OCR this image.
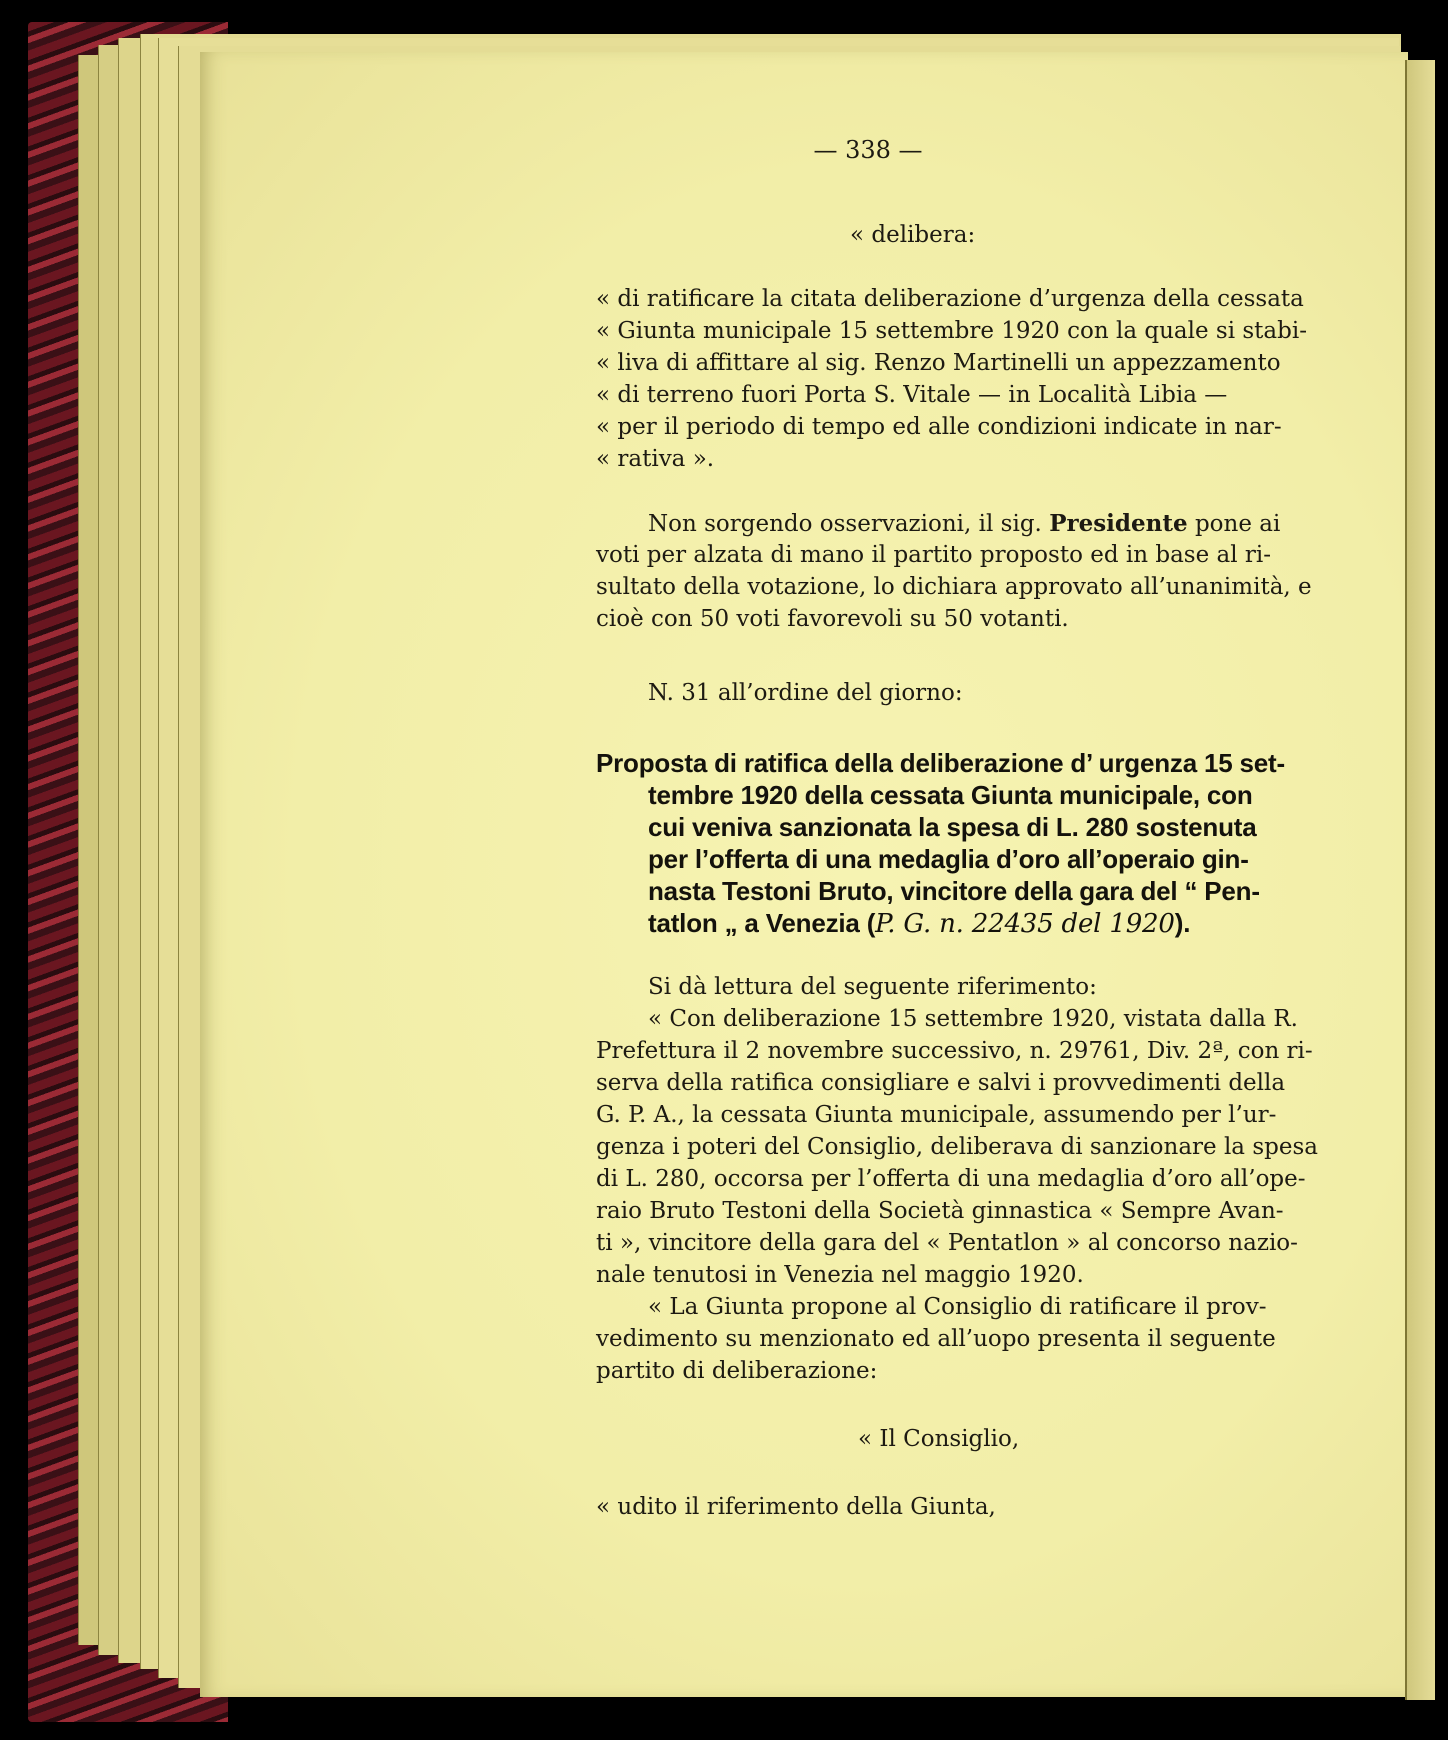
— 338 —
« delibera:
« di ratificare la citata deliberazione d’urgenza della cessata
« Giunta municipale 15 settembre 1920 con la quale si stabi-
« liva di affittare al sig. Renzo Martinelli un appezzamento
« di terreno fuori Porta S. Vitale — in Località Libia —
« per il periodo di tempo ed alle condizioni indicate in nar-
« rativa ».
Non sorgendo osservazioni, il sig. Presidente pone ai
voti per alzata di mano il partito proposto ed in base al ri-
sultato della votazione, lo dichiara approvato all’unanimità, e
cioè con 50 voti favorevoli su 50 votanti.
N. 31 all’ordine del giorno:
Proposta di ratifica della deliberazione d’ urgenza 15 set-
tembre 1920 della cessata Giunta municipale, con
cui veniva sanzionata la spesa di L. 280 sostenuta
per l’offerta di una medaglia d’oro all’operaio gin-
nasta Testoni Bruto, vincitore della gara del “ Pen-
tatlon „ a Venezia (P. G. n. 22435 del 1920).
Si dà lettura del seguente riferimento:
« Con deliberazione 15 settembre 1920, vistata dalla R.
Prefettura il 2 novembre successivo, n. 29761, Div. 2ª, con ri-
serva della ratifica consigliare e salvi i provvedimenti della
G. P. A., la cessata Giunta municipale, assumendo per l’ur-
genza i poteri del Consiglio, deliberava di sanzionare la spesa
di L. 280, occorsa per l’offerta di una medaglia d’oro all’ope-
raio Bruto Testoni della Società ginnastica « Sempre Avan-
ti », vincitore della gara del « Pentatlon » al concorso nazio-
nale tenutosi in Venezia nel maggio 1920.
« La Giunta propone al Consiglio di ratificare il prov-
vedimento su menzionato ed all’uopo presenta il seguente
partito di deliberazione:
« Il Consiglio,
« udito il riferimento della Giunta,
